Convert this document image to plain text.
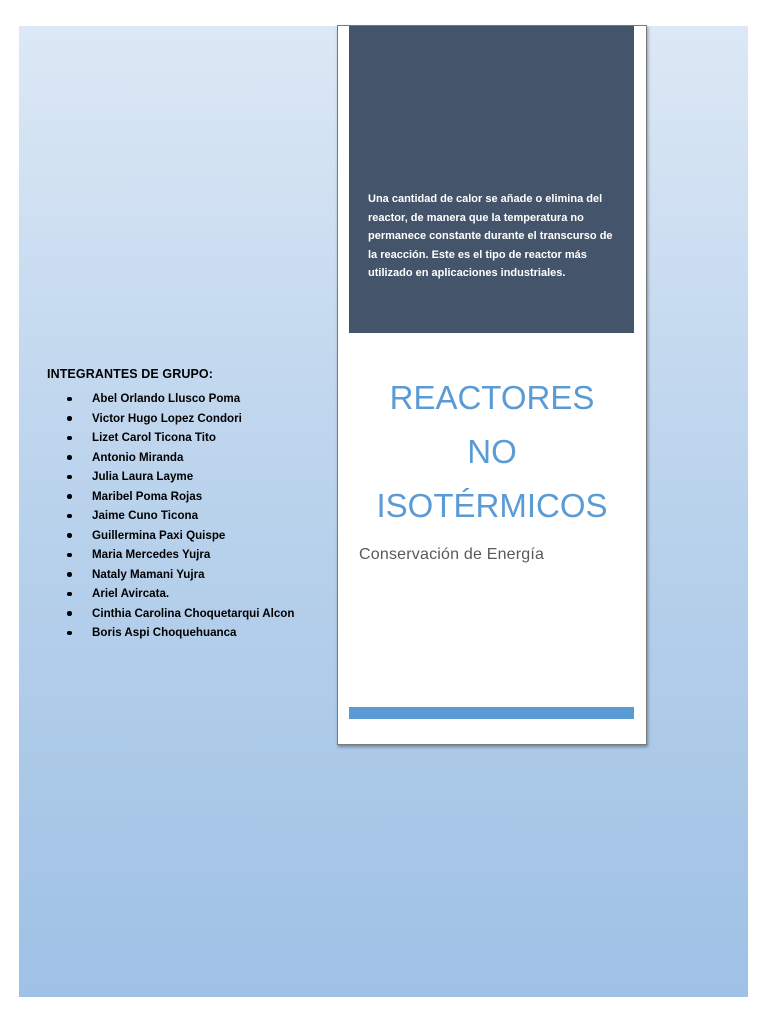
INTEGRANTES DE GRUPO:
Abel Orlando Llusco Poma
Victor Hugo Lopez Condori
Lizet Carol Ticona Tito
Antonio Miranda
Julia Laura Layme
Maribel Poma Rojas
Jaime Cuno Ticona
Guillermina Paxi Quispe
Maria Mercedes Yujra
Nataly Mamani Yujra
Ariel Avircata.
Cinthia Carolina Choquetarqui Alcon
Boris Aspi Choquehuanca
Una cantidad de calor se añade o elimina del reactor, de manera que la temperatura no permanece constante durante el transcurso de la reacción. Este es el tipo de reactor más utilizado en aplicaciones industriales.
REACTORES
NO
ISOTÉRMICOS
Conservación de Energía
